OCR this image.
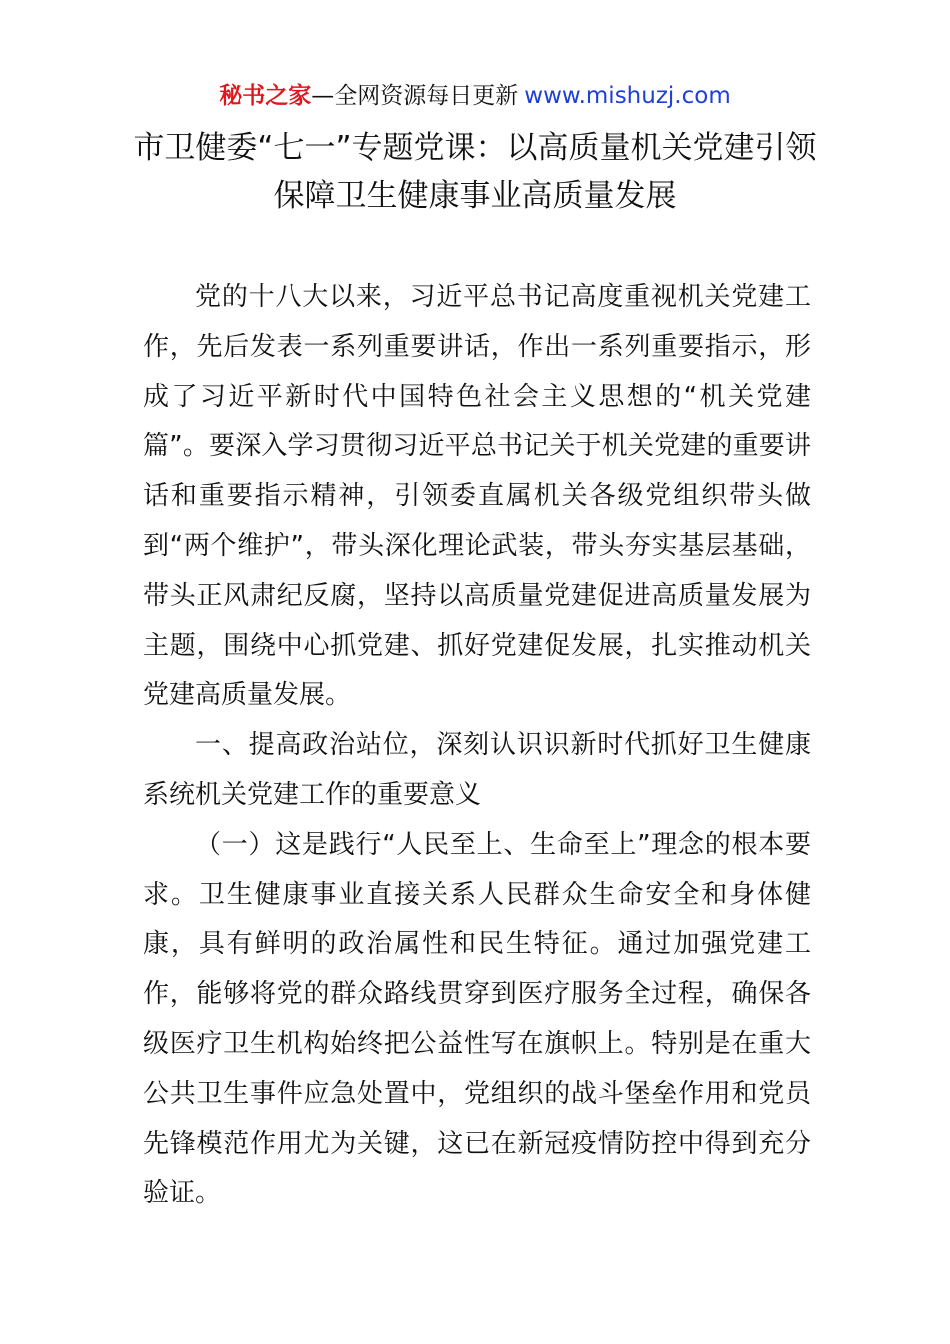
秘书之家—全网资源每日更新 www.mishuzj.com
市卫健委“七一”专题党课：以高质量机关党建引领保障卫生健康事业高质量发展

党的十八大以来，习近平总书记高度重视机关党建工作，先后发表一系列重要讲话，作出一系列重要指示，形成了习近平新时代中国特色社会主义思想的“机关党建篇”。要深入学习贯彻习近平总书记关于机关党建的重要讲话和重要指示精神，引领委直属机关各级党组织带头做到“两个维护”，带头深化理论武装，带头夯实基层基础，带头正风肃纪反腐，坚持以高质量党建促进高质量发展为主题，围绕中心抓党建、抓好党建促发展，扎实推动机关党建高质量发展。

一、提高政治站位，深刻认识识新时代抓好卫生健康系统机关党建工作的重要意义

（一）这是践行“人民至上、生命至上”理念的根本要求。卫生健康事业直接关系人民群众生命安全和身体健康，具有鲜明的政治属性和民生特征。通过加强党建工作，能够将党的群众路线贯穿到医疗服务全过程，确保各级医疗卫生机构始终把公益性写在旗帜上。特别是在重大公共卫生事件应急处置中，党组织的战斗堡垒作用和党员先锋模范作用尤为关键，这已在新冠疫情防控中得到充分验证。
